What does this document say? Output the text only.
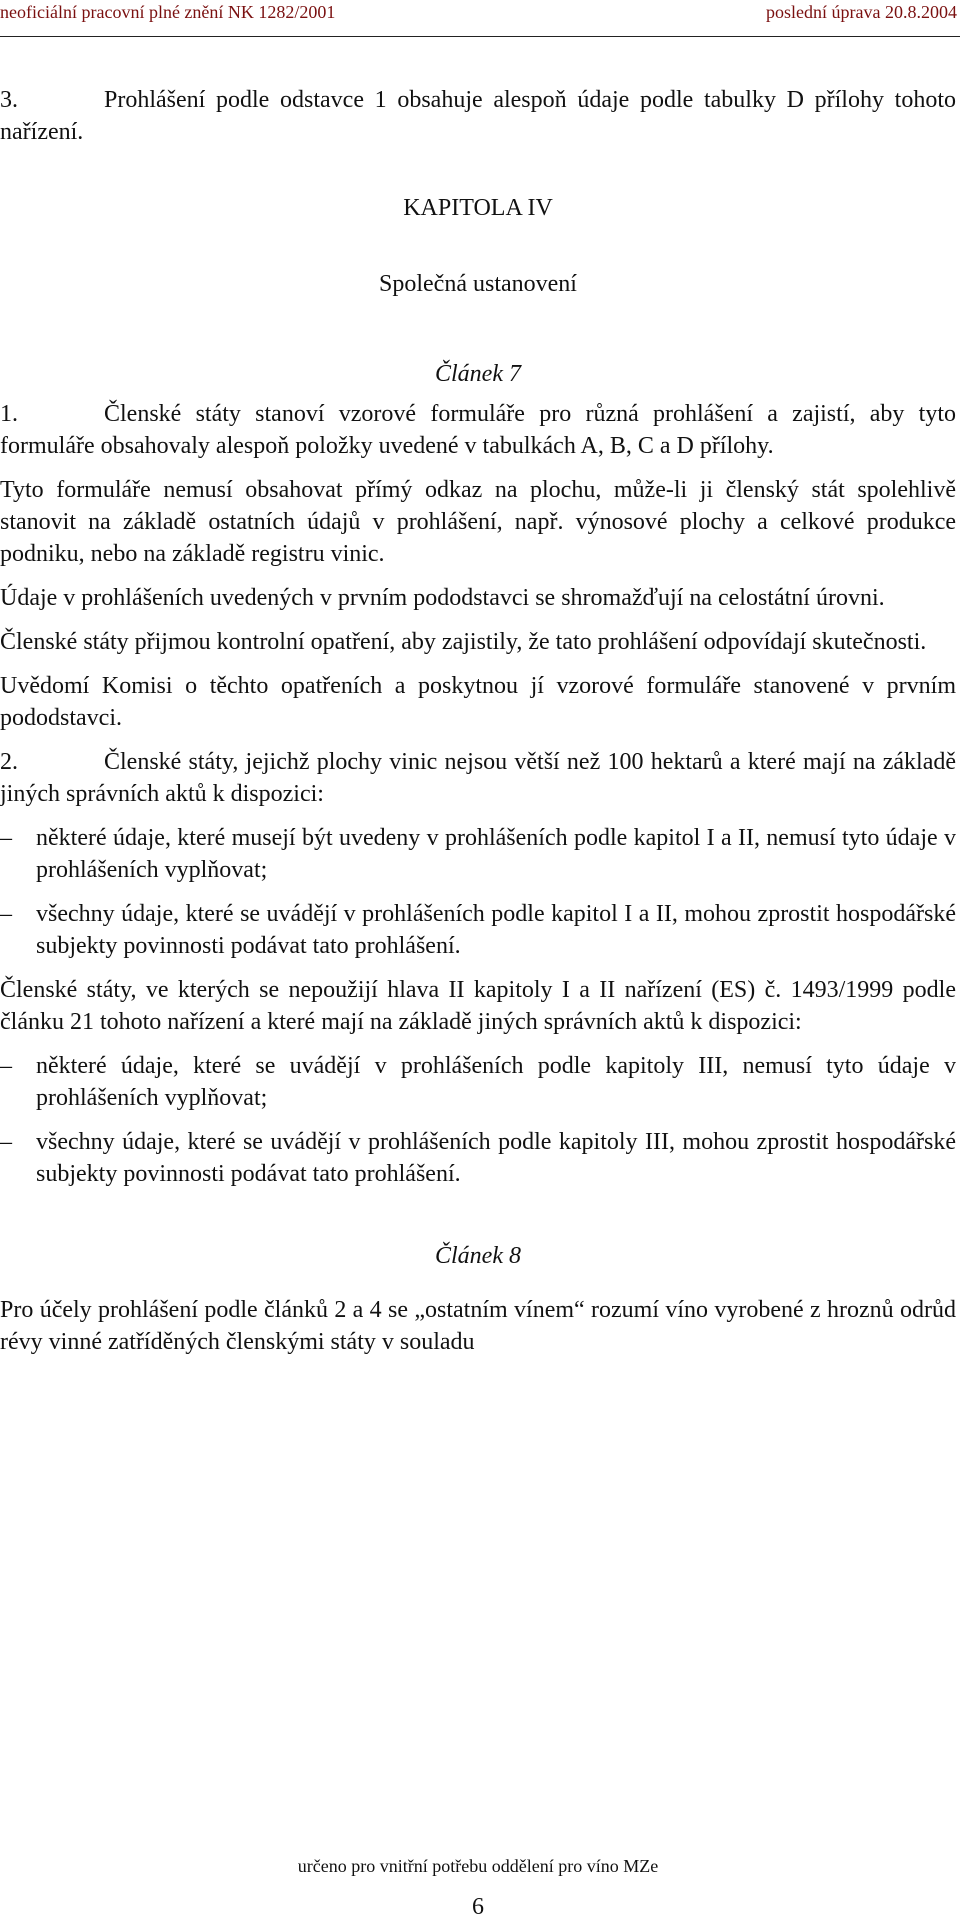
neoficiální pracovní plné znění NK 1282/2001	poslední úprava 20.8.2004

3.	Prohlášení podle odstavce 1 obsahuje alespoň údaje podle tabulky D přílohy tohoto nařízení.

KAPITOLA IV

Společná ustanovení

Článek 7

1.	Členské státy stanoví vzorové formuláře pro různá prohlášení a zajistí, aby tyto formuláře obsahovaly alespoň položky uvedené v tabulkách A, B, C a D přílohy.

Tyto formuláře nemusí obsahovat přímý odkaz na plochu, může-li ji členský stát spolehlivě stanovit na základě ostatních údajů v prohlášení, např. výnosové plochy a celkové produkce podniku, nebo na základě registru vinic.

Údaje v prohlášeních uvedených v prvním pododstavci se shromažďují na celostátní úrovni.

Členské státy přijmou kontrolní opatření, aby zajistily, že tato prohlášení odpovídají skutečnosti.

Uvědomí Komisi o těchto opatřeních a poskytnou jí vzorové formuláře stanovené v prvním pododstavci.

2.	Členské státy, jejichž plochy vinic nejsou větší než 100 hektarů a které mají na základě jiných správních aktů k dispozici:

–	některé údaje, které musejí být uvedeny v prohlášeních podle kapitol I a II, nemusí tyto údaje v prohlášeních vyplňovat;
–	všechny údaje, které se uvádějí v prohlášeních podle kapitol I a II, mohou zprostit hospodářské subjekty povinnosti podávat tato prohlášení.

Členské státy, ve kterých se nepoužijí hlava II kapitoly I a II nařízení (ES) č. 1493/1999 podle článku 21 tohoto nařízení a které mají na základě jiných správních aktů k dispozici:

–	některé údaje, které se uvádějí v prohlášeních podle kapitoly III, nemusí tyto údaje v prohlášeních vyplňovat;
–	všechny údaje, které se uvádějí v prohlášeních podle kapitoly III, mohou zprostit hospodářské subjekty povinnosti podávat tato prohlášení.

Článek 8

Pro účely prohlášení podle článků 2 a 4 se „ostatním vínem“ rozumí víno vyrobené z hroznů odrůd révy vinné zatříděných členskými státy v souladu

určeno pro vnitřní potřebu oddělení pro víno MZe
6
